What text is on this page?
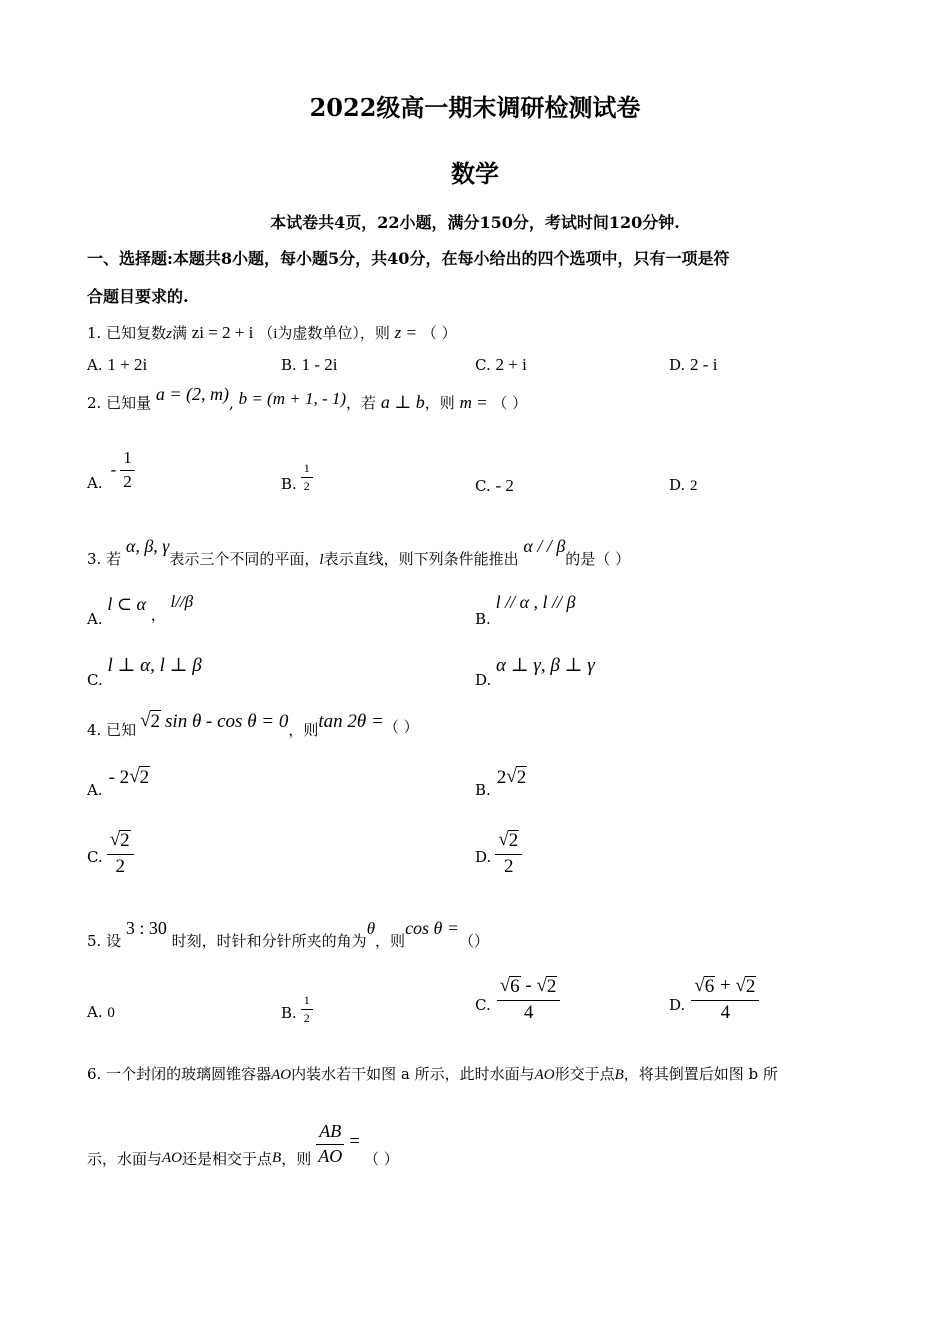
2022级高一期末调研检测试卷
数学
本试卷共4页，22小题，满分150分，考试时间120分钟.
一、选择题:本题共8小题，每小题5分，共40分，在每小给出的四个选项中，只有一项是符
合题目要求的.
1. 已知复数z满 zi = 2 + i （i为虚数单位），则 z = （ ）
A. 1 + 2i	B. 1 - 2i	C. 2 + i	D. 2 - i
2. 已知量 a = (2, m), b = (m + 1, - 1)，若 a ⊥ b，则 m = （ ）
A.
- $\frac{1}{2}$	B. $\frac{1}{2}$	C. - 2	D. 2
3. 若 α, β, γ表示三个不同的平面，l表示直线，则下列条件能推出 α / / β的是（ ）
A. l ⊂ α ， l//β
B. l // α , l // β
C. l ⊥ α, l ⊥ β
D. α ⊥ γ, β ⊥ γ
4. 已知 √ 2 sin θ - cos θ = 0 ，则 tan 2θ = （ ）
A.
- 2 √ 2
B.
2 √ 2
C. $\frac{√ 2}{2}$	D. $\frac{√ 2}{2}$
5. 设 3 : 30 时刻，时针和分针所夹的角为θ，则cos θ =（）
A. 0	B. $\frac{1}{2}$	C. $\frac{√ 6 - √ 2}{4}$	D. $\frac{√ 6 + √ 2}{4}$
6. 一个封闭的玻璃圆锥容器AO内装水若干如图 a 所示，此时水面与AO形交于点B，将其倒置后如图 b 所
示，水面与 AO 还是相交于点 B ，则 $\frac{AB}{AO}$ =
（ ）
